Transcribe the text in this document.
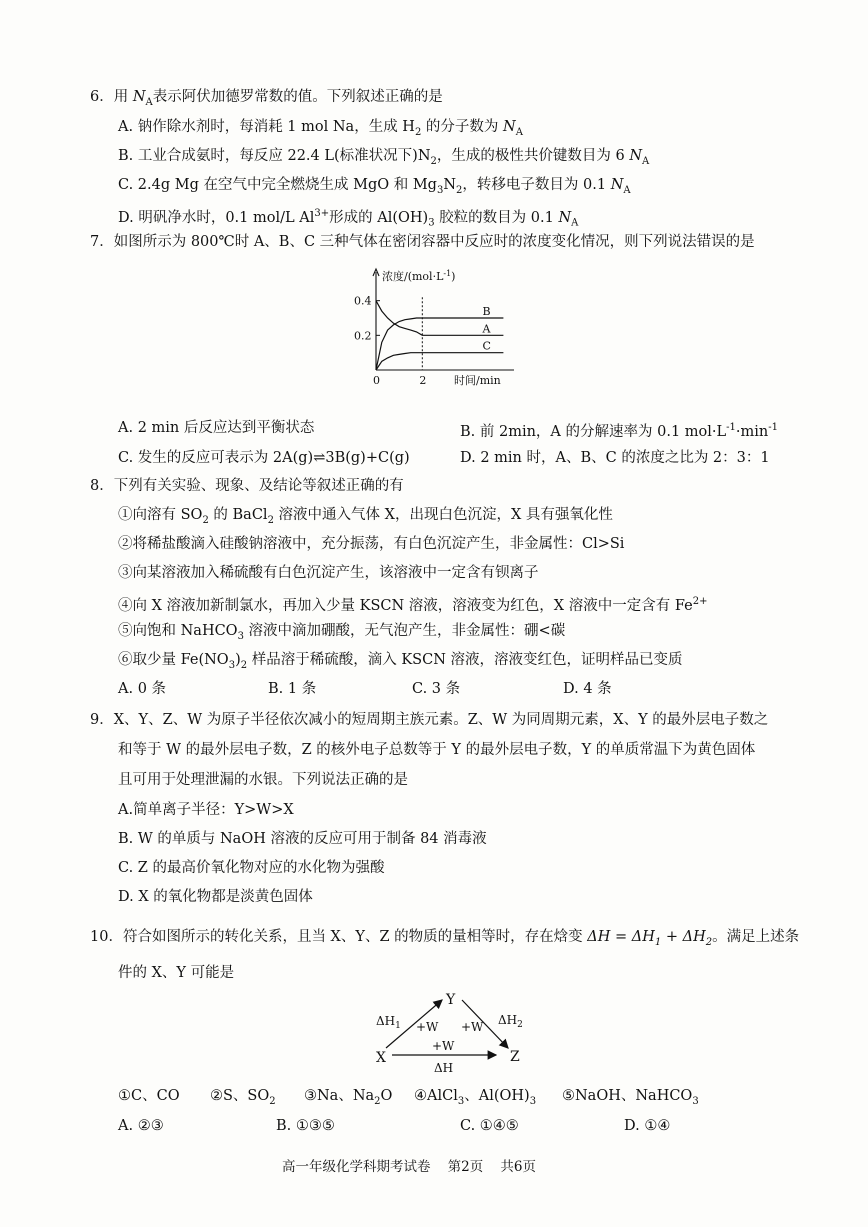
6．用 $N_A$表示阿伏加德罗常数的值。下列叙述正确的是
A. 钠作除水剂时，每消耗 1 mol Na，生成 $H_2$ 的分子数为 $N_A$
B. 工业合成氨时，每反应 22.4 L(标准状况下)$N_2$，生成的极性共价键数目为 6 $N_A$
C. 2.4g Mg 在空气中完全燃烧生成 MgO 和 $Mg_3N_2$，转移电子数目为 0.1 $N_A$
D. 明矾净水时，0.1 mol/L $Al^{3+}$形成的 $Al(OH)_3$ 胶粒的数目为 0.1 $N_A$
7．如图所示为 800℃时 A、B、C 三种气体在密闭容器中反应时的浓度变化情况，则下列说法错误的是
0.4
0.2
0	2
浓度$/(mol\cdot L^{-1})$
时间/min
B
A
C
A. 2 min 后反应达到平衡状态	B. 前 2min，A 的分解速率为 0.1 $mol\cdot L^{-1}\cdot\min^{-1}$
C. 发生的反应可表示为 2A(g)⇌3B(g)+C(g)	D. 2 min 时，A、B、C 的浓度之比为 2：3：1
8．下列有关实验、现象、及结论等叙述正确的有
①向溶有 $SO_2$ 的 BaCl$_2$ 溶液中通入气体 X，出现白色沉淀，X 具有强氧化性
②将稀盐酸滴入硅酸钠溶液中，充分振荡，有白色沉淀产生，非金属性：Cl>Si
③向某溶液加入稀硫酸有白色沉淀产生，该溶液中一定含有钡离子
④向 X 溶液加新制氯水，再加入少量 KSCN 溶液，溶液变为红色，X 溶液中一定含有 $Fe^{2+}$
⑤向饱和 NaHCO$_3$ 溶液中滴加硼酸，无气泡产生，非金属性：硼<碳
⑥取少量 $Fe(NO_3)_2$ 样品溶于稀硫酸，滴入 KSCN 溶液，溶液变红色，证明样品已变质
A. 0 条	B. 1 条	C. 3 条	D. 4 条
9．X、Y、Z、W 为原子半径依次减小的短周期主族元素。Z、W 为同周期元素，X、Y 的最外层电子数之
和等于 W 的最外层电子数，Z 的核外电子总数等于 Y 的最外层电子数，Y 的单质常温下为黄色固体
且可用于处理泄漏的水银。下列说法正确的是
A.简单离子半径：Y>W>X
B. W 的单质与 NaOH 溶液的反应可用于制备 84 消毒液
C. Z 的最高价氧化物对应的水化物为强酸
D. X 的氧化物都是淡黄色固体
10．符合如图所示的转化关系，且当 X、Y、Z 的物质的量相等时，存在焓变 $\Delta H = \Delta H_1 + \Delta H_2$。满足上述条
件的 X、Y 可能是
Y
X	Z
$\Delta H_1 +W +W$ $\Delta H_2$
+W
ΔH
①C、CO ②S、$SO_2$ ③Na、$Na_2O$ ④AlCl$_3$、$Al(OH)_3$ ⑤NaOH、NaHCO$_3$
A. ②③	B. ①③⑤	C. ①④⑤	D. ①④
高一年级化学科期考试卷    第2页    共6页
